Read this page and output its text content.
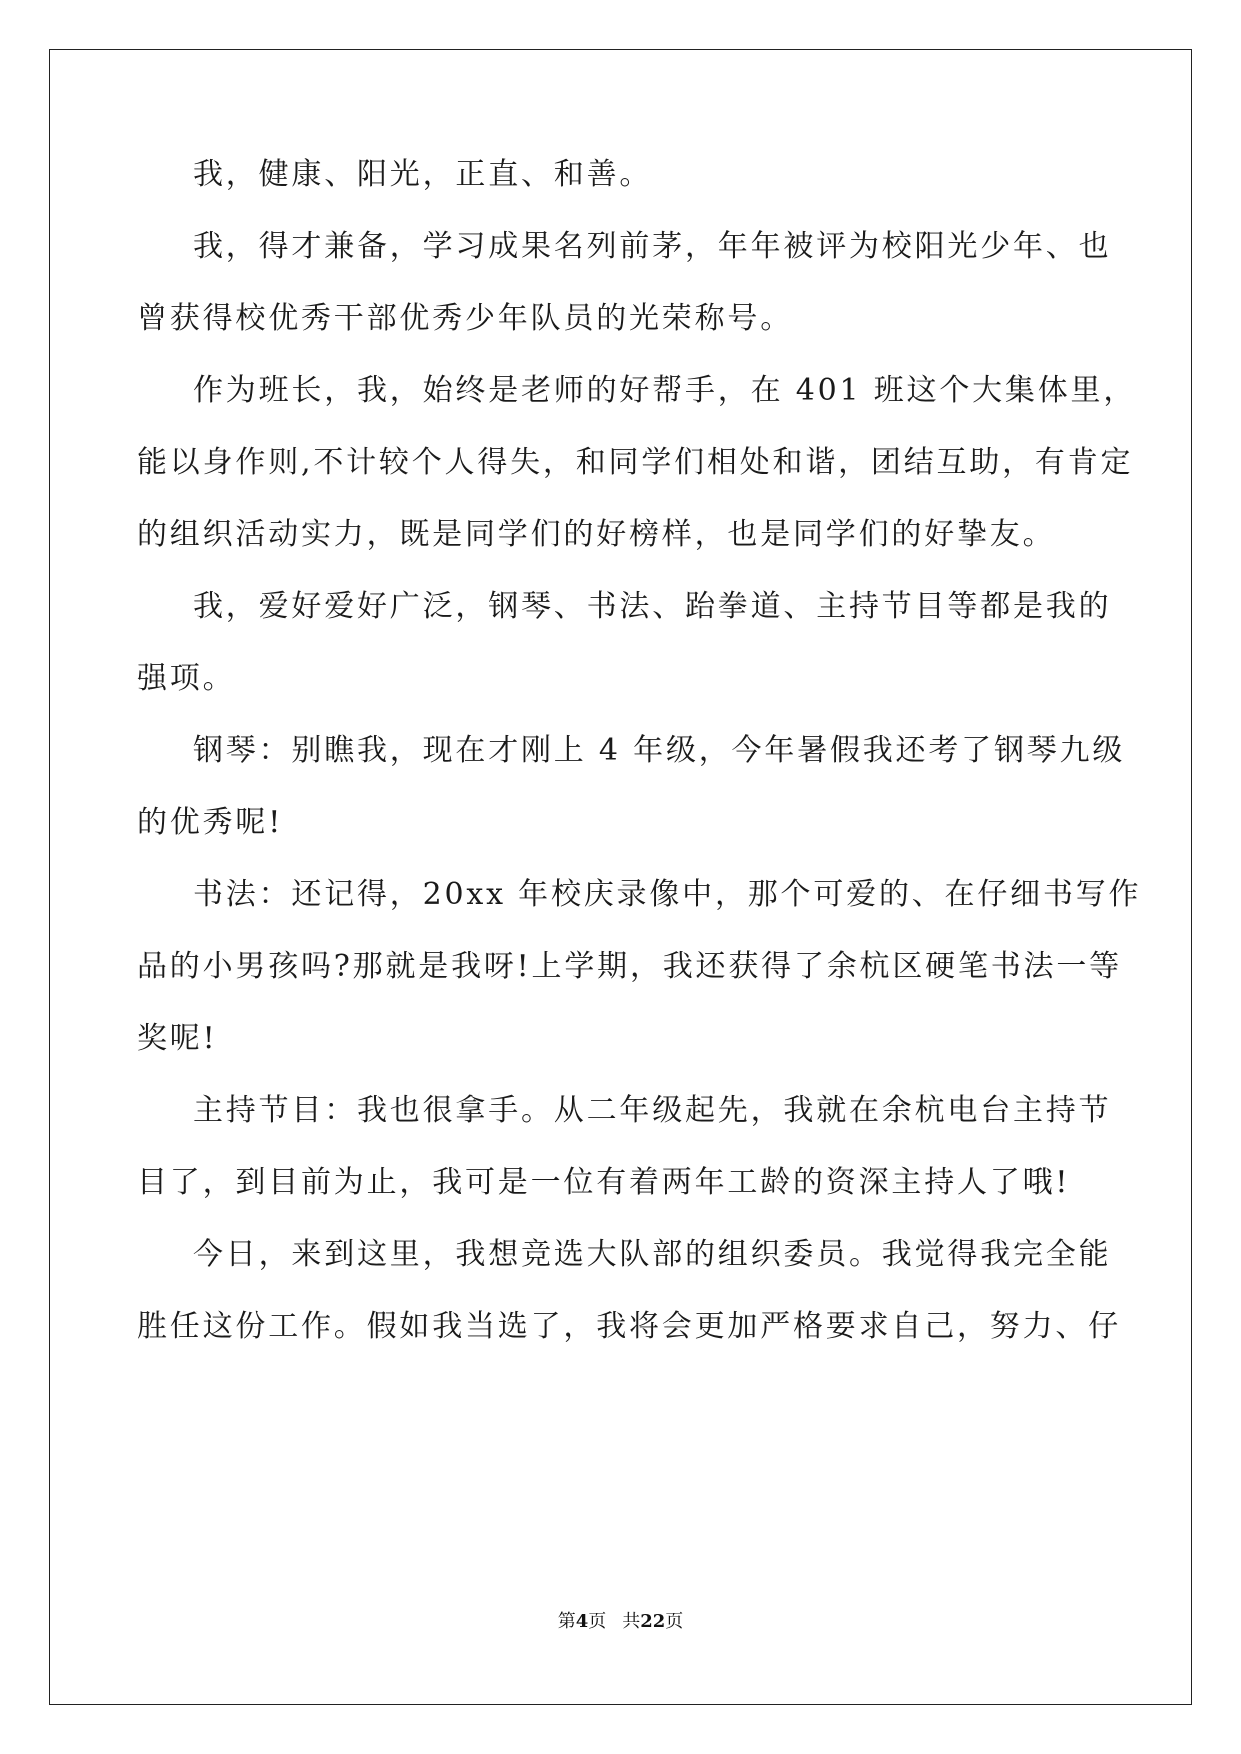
我，健康、阳光，正直、和善。

我，得才兼备，学习成果名列前茅，年年被评为校阳光少年、也

曾获得校优秀干部优秀少年队员的光荣称号。

作为班长，我，始终是老师的好帮手，在 401 班这个大集体里，

能以身作则,不计较个人得失，和同学们相处和谐，团结互助，有肯定

的组织活动实力，既是同学们的好榜样，也是同学们的好挚友。

我，爱好爱好广泛，钢琴、书法、跆拳道、主持节目等都是我的

强项。

钢琴：别瞧我，现在才刚上 4 年级，今年暑假我还考了钢琴九级

的优秀呢!

书法：还记得，20xx 年校庆录像中，那个可爱的、在仔细书写作

品的小男孩吗?那就是我呀!上学期，我还获得了余杭区硬笔书法一等

奖呢!

主持节目：我也很拿手。从二年级起先，我就在余杭电台主持节

目了，到目前为止，我可是一位有着两年工龄的资深主持人了哦!

今日，来到这里，我想竞选大队部的组织委员。我觉得我完全能

胜任这份工作。假如我当选了，我将会更加严格要求自己，努力、仔

第4页 共22页
